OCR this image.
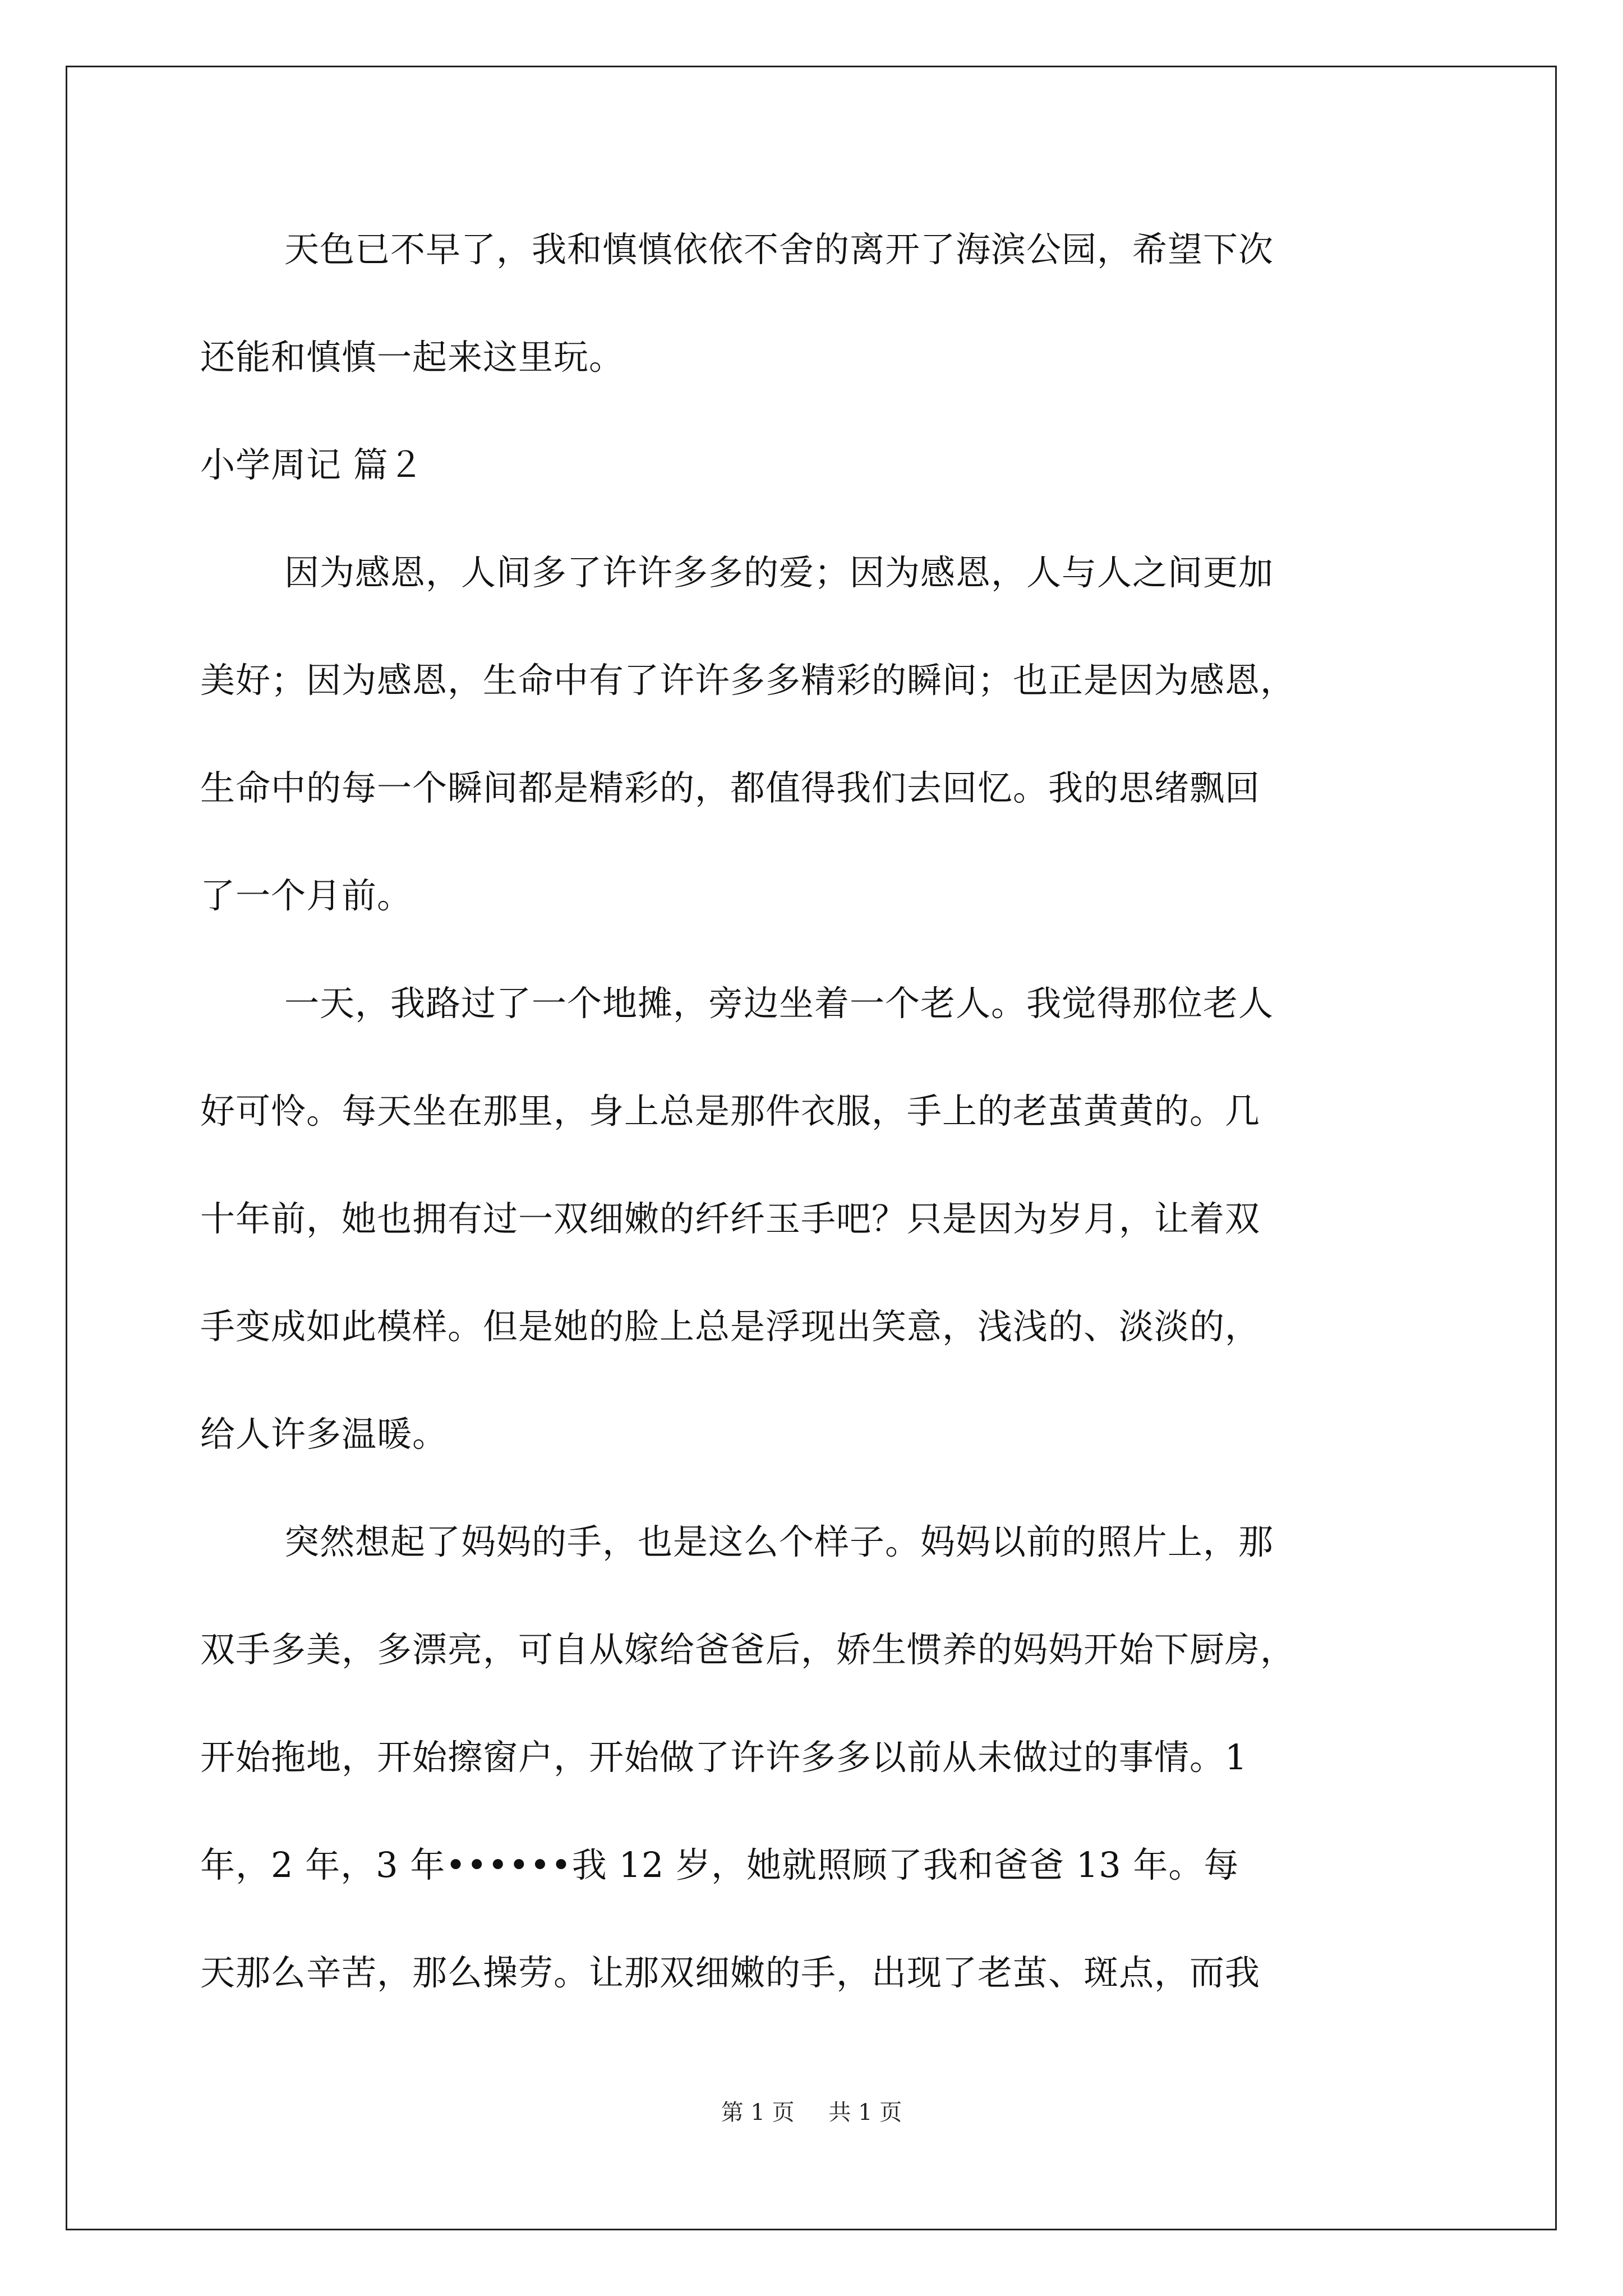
天色已不早了，我和慎慎依依不舍的离开了海滨公园，希望下次
还能和慎慎一起来这里玩。
小学周记 篇２
因为感恩，人间多了许许多多的爱；因为感恩，人与人之间更加
美好；因为感恩，生命中有了许许多多精彩的瞬间；也正是因为感恩，
生命中的每一个瞬间都是精彩的，都值得我们去回忆。我的思绪飘回
了一个月前。
一天，我路过了一个地摊，旁边坐着一个老人。我觉得那位老人
好可怜。每天坐在那里，身上总是那件衣服，手上的老茧黄黄的。几
十年前，她也拥有过一双细嫩的纤纤玉手吧？只是因为岁月，让着双
手变成如此模样。但是她的脸上总是浮现出笑意，浅浅的、淡淡的，
给人许多温暖。
突然想起了妈妈的手，也是这么个样子。妈妈以前的照片上，那
双手多美，多漂亮，可自从嫁给爸爸后，娇生惯养的妈妈开始下厨房，
开始拖地，开始擦窗户，开始做了许许多多以前从未做过的事情。1
年，2 年，3 年••••••我 12 岁，她就照顾了我和爸爸 13 年。每
天那么辛苦，那么操劳。让那双细嫩的手，出现了老茧、斑点，而我
第 1 页 共 1 页
